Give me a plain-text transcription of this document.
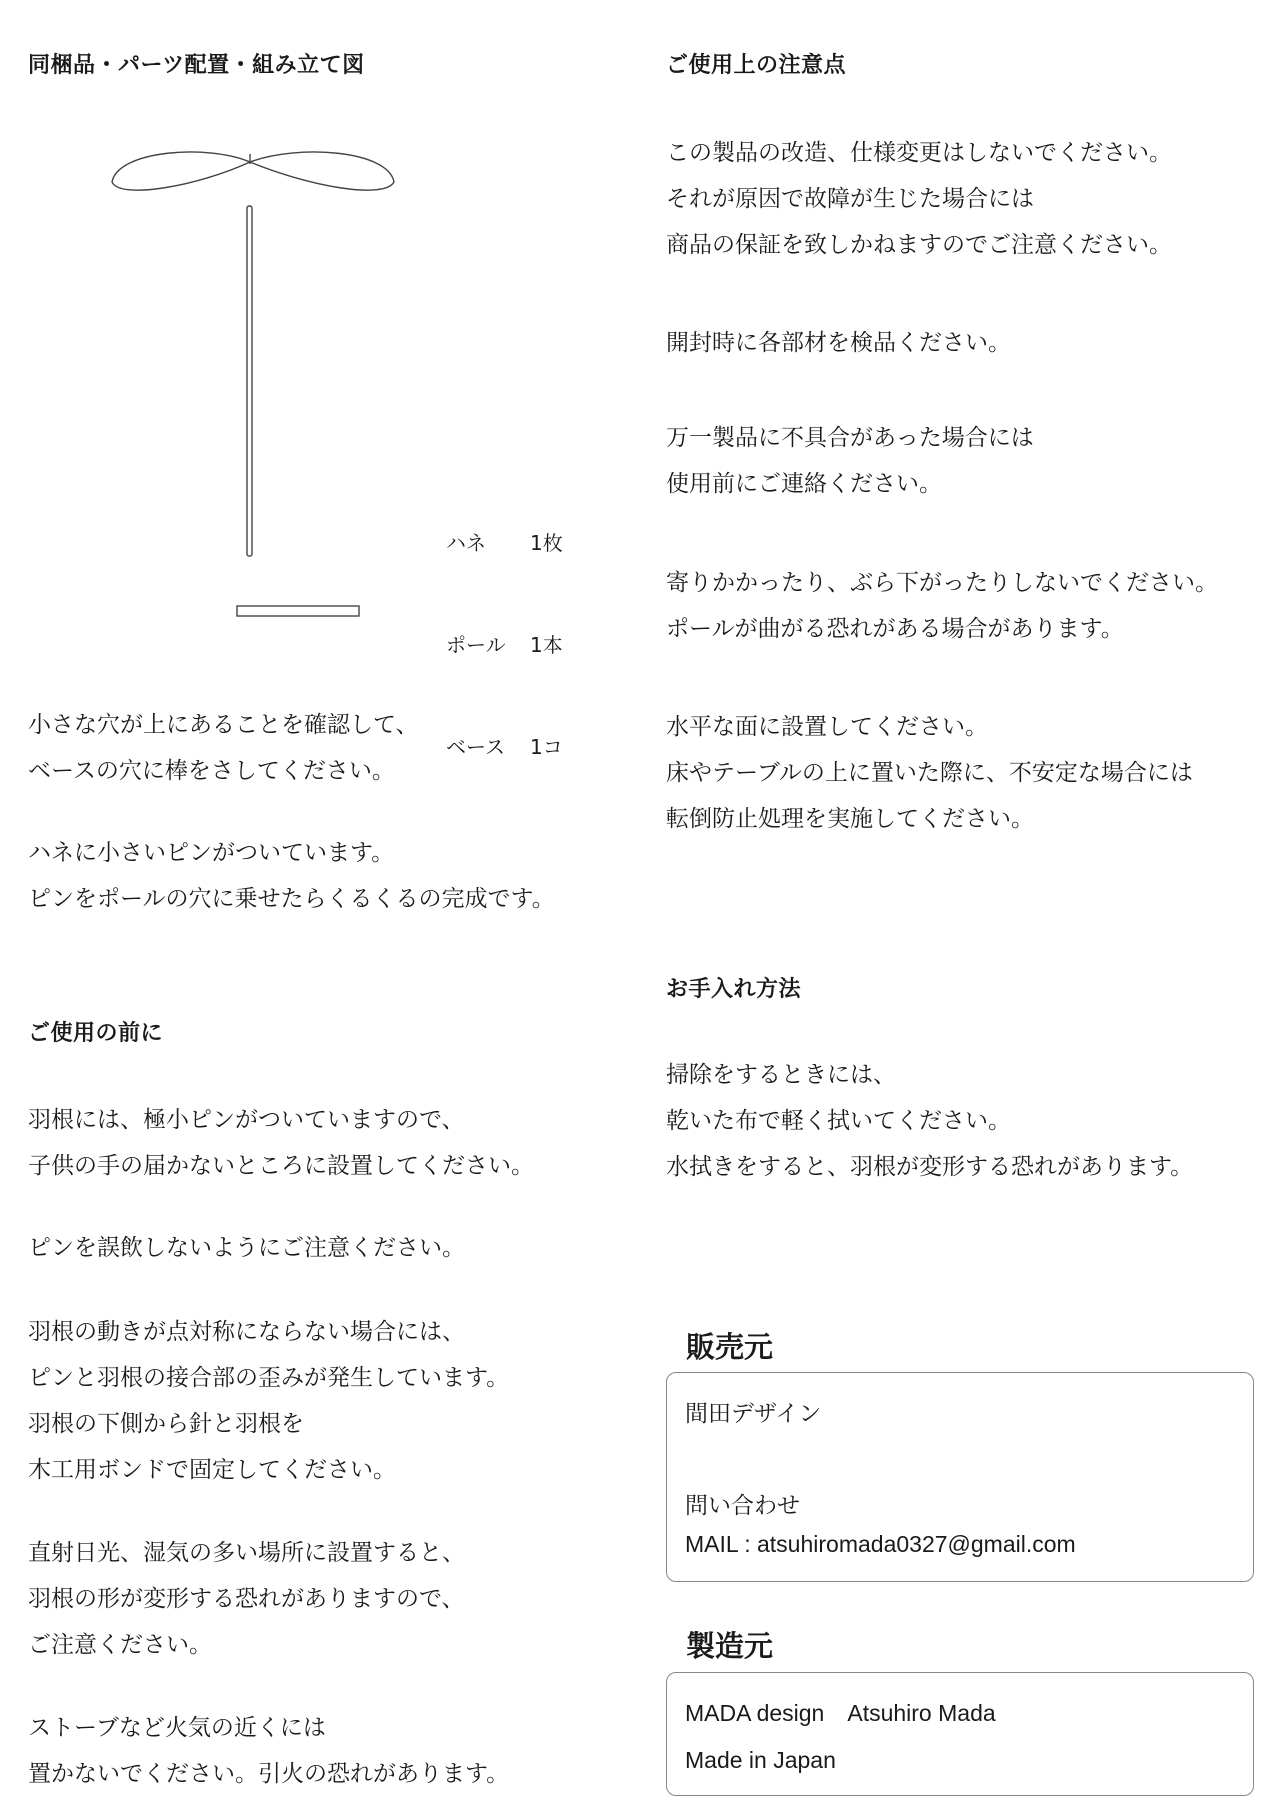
同梱品・パーツ配置・組み立て図

ハネ 1枚

ポール 1本

ベース 1コ

小さな穴が上にあることを確認して、
ベースの穴に棒をさしてください。
ハネに小さいピンがついています。
ピンをポールの穴に乗せたらくるくるの完成です。
ご使用の前に
羽根には、極小ピンがついていますので、
子供の手の届かないところに設置してください。
ピンを誤飲しないようにご注意ください。
羽根の動きが点対称にならない場合には、
ピンと羽根の接合部の歪みが発生しています。
羽根の下側から針と羽根を
木工用ボンドで固定してください。
直射日光、湿気の多い場所に設置すると、
羽根の形が変形する恐れがありますので、
ご注意ください。
ストーブなど火気の近くには
置かないでください。引火の恐れがあります。
ご使用上の注意点
この製品の改造、仕様変更はしないでください。
それが原因で故障が生じた場合には
商品の保証を致しかねますのでご注意ください。
開封時に各部材を検品ください。
万一製品に不具合があった場合には
使用前にご連絡ください。
寄りかかったり、ぶら下がったりしないでください。
ポールが曲がる恐れがある場合があります。
水平な面に設置してください。
床やテーブルの上に置いた際に、不安定な場合には
転倒防止処理を実施してください。
お手入れ方法
掃除をするときには、
乾いた布で軽く拭いてください。
水拭きをすると、羽根が変形する恐れがあります。
販売元
間田デザイン
問い合わせ
MAIL : atsuhiromada0327@gmail.com
製造元
MADA design　Atsuhiro Mada
Made in Japan
